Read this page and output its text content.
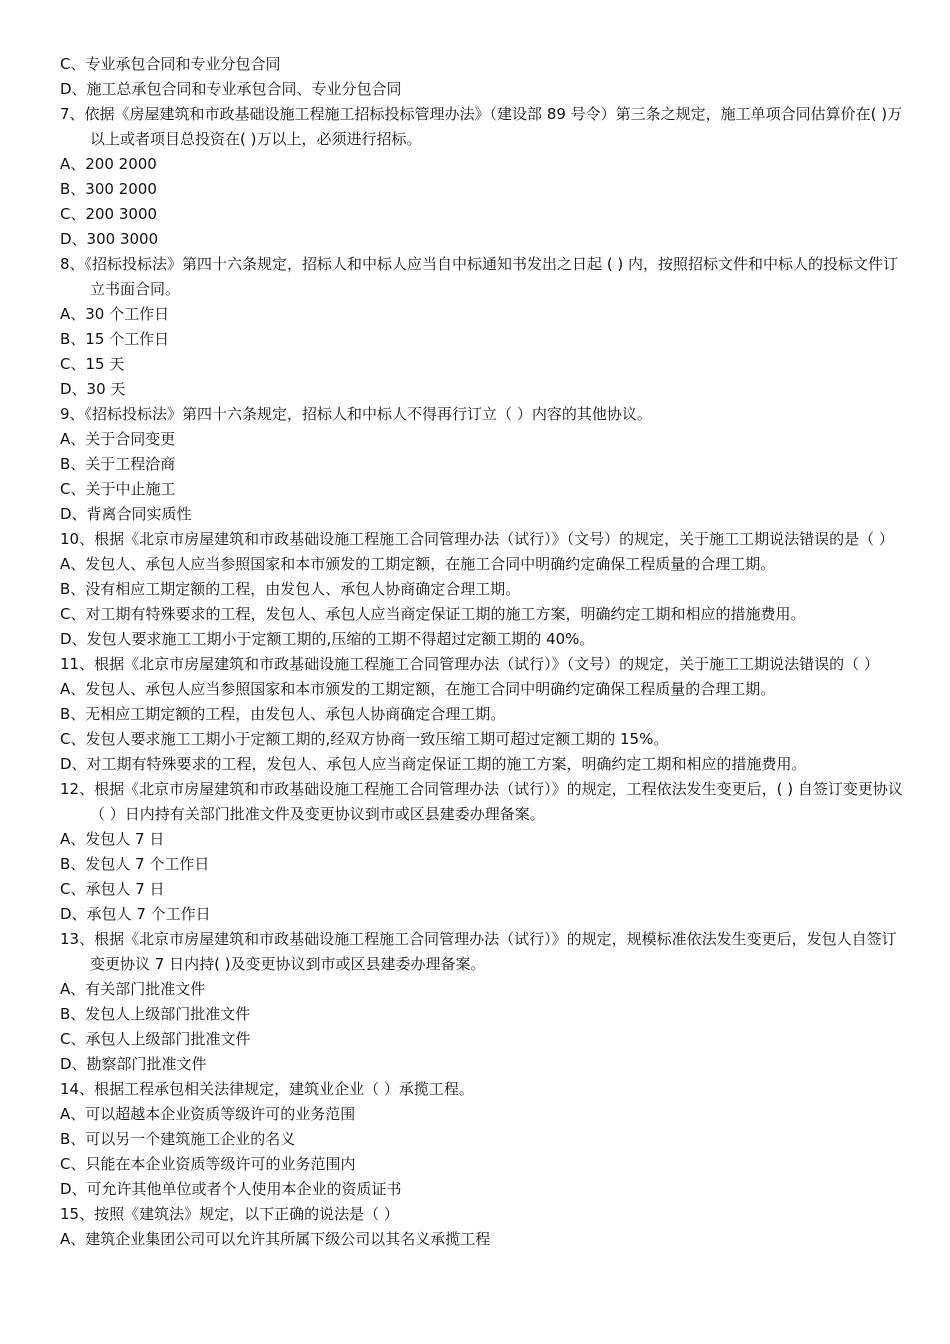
C、专业承包合同和专业分包合同
D、施工总承包合同和专业承包合同、专业分包合同
7、依据《房屋建筑和市政基础设施工程施工招标投标管理办法》（建设部 89 号令）第三条之规定，施工单项合同估算价在( )万以上或者项目总投资在( )万以上，必须进行招标。
A、200 2000
B、300 2000
C、200 3000
D、300 3000
8、《招标投标法》第四十六条规定，招标人和中标人应当自中标通知书发出之日起 ( ) 内，按照招标文件和中标人的投标文件订立书面合同。
A、30 个工作日
B、15 个工作日
C、15 天
D、30 天
9、《招标投标法》第四十六条规定，招标人和中标人不得再行订立（ ）内容的其他协议。
A、关于合同变更
B、关于工程洽商
C、关于中止施工
D、背离合同实质性
10、根据《北京市房屋建筑和市政基础设施工程施工合同管理办法（试行）》（文号）的规定，关于施工工期说法错误的是（ ）
A、发包人、承包人应当参照国家和本市颁发的工期定额，在施工合同中明确约定确保工程质量的合理工期。
B、没有相应工期定额的工程，由发包人、承包人协商确定合理工期。
C、对工期有特殊要求的工程，发包人、承包人应当商定保证工期的施工方案，明确约定工期和相应的措施费用。
D、发包人要求施工工期小于定额工期的,压缩的工期不得超过定额工期的 40%。
11、根据《北京市房屋建筑和市政基础设施工程施工合同管理办法（试行）》（文号）的规定，关于施工工期说法错误的（ ）
A、发包人、承包人应当参照国家和本市颁发的工期定额，在施工合同中明确约定确保工程质量的合理工期。
B、无相应工期定额的工程，由发包人、承包人协商确定合理工期。
C、发包人要求施工工期小于定额工期的,经双方协商一致压缩工期可超过定额工期的 15%。
D、对工期有特殊要求的工程，发包人、承包人应当商定保证工期的施工方案，明确约定工期和相应的措施费用。
12、根据《北京市房屋建筑和市政基础设施工程施工合同管理办法（试行）》的规定，工程依法发生变更后，( ) 自签订变更协议（ ）日内持有关部门批准文件及变更协议到市或区县建委办理备案。
A、发包人 7 日
B、发包人 7 个工作日
C、承包人 7 日
D、承包人 7 个工作日
13、根据《北京市房屋建筑和市政基础设施工程施工合同管理办法（试行）》的规定，规模标准依法发生变更后，发包人自签订变更协议 7 日内持( )及变更协议到市或区县建委办理备案。
A、有关部门批准文件
B、发包人上级部门批准文件
C、承包人上级部门批准文件
D、勘察部门批准文件
14、根据工程承包相关法律规定，建筑业企业（ ）承揽工程。
A、可以超越本企业资质等级许可的业务范围
B、可以另一个建筑施工企业的名义
C、只能在本企业资质等级许可的业务范围内
D、可允许其他单位或者个人使用本企业的资质证书
15、按照《建筑法》规定，以下正确的说法是（ ）
A、建筑企业集团公司可以允许其所属下级公司以其名义承揽工程
